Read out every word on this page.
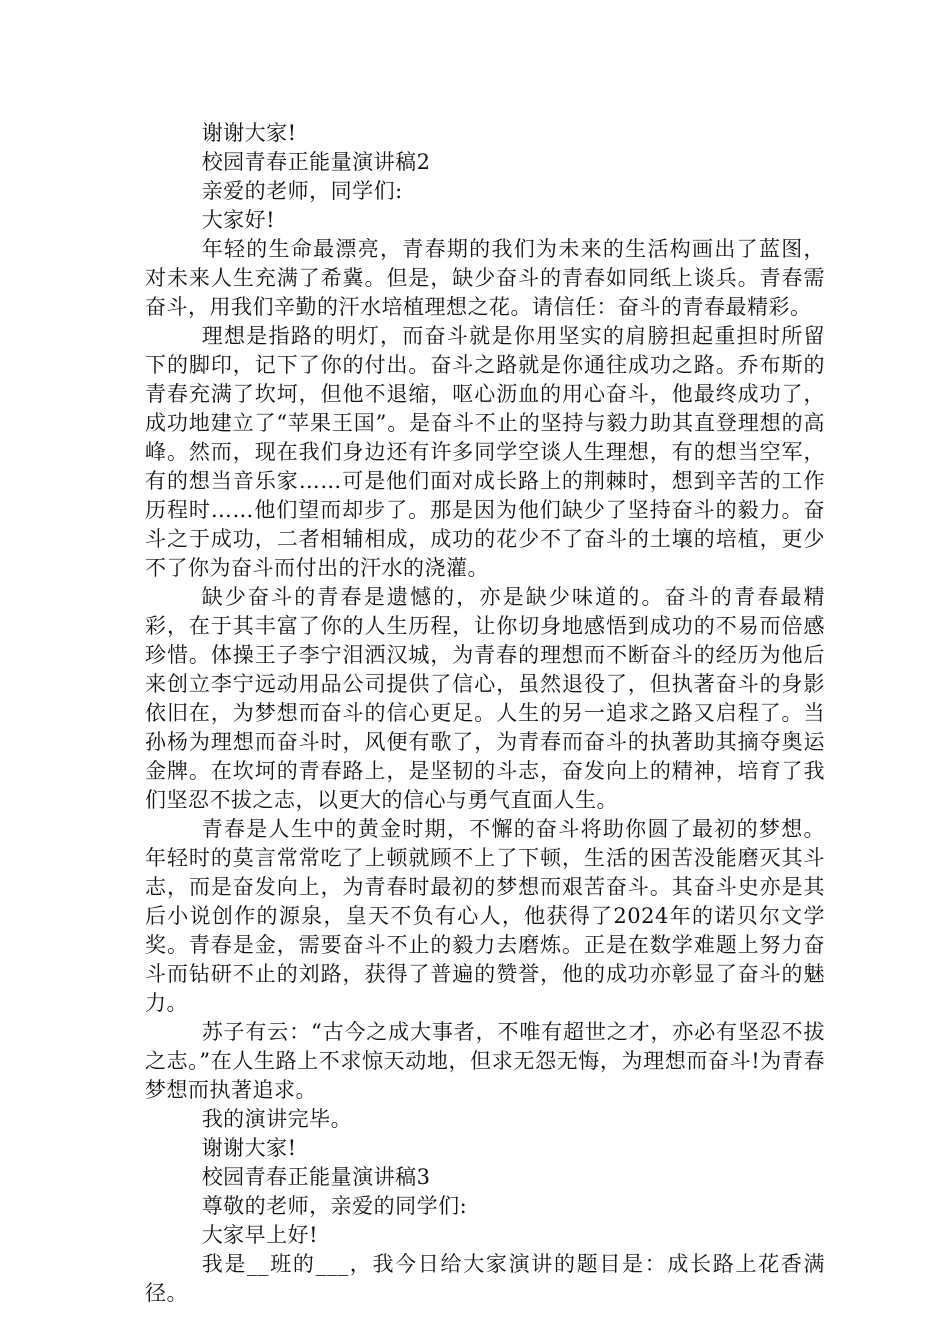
谢谢大家!

校园青春正能量演讲稿2

亲爱的老师，同学们:

大家好!

年轻的生命最漂亮，青春期的我们为未来的生活构画出了蓝图，对未来人生充满了希冀。但是，缺少奋斗的青春如同纸上谈兵。青春需奋斗，用我们辛勤的汗水培植理想之花。请信任：奋斗的青春最精彩。

理想是指路的明灯，而奋斗就是你用坚实的肩膀担起重担时所留下的脚印，记下了你的付出。奋斗之路就是你通往成功之路。乔布斯的青春充满了坎坷，但他不退缩，呕心沥血的用心奋斗，他最终成功了，成功地建立了“苹果王国”。是奋斗不止的坚持与毅力助其直登理想的高峰。然而，现在我们身边还有许多同学空谈人生理想，有的想当空军，有的想当音乐家……可是他们面对成长路上的荆棘时，想到辛苦的工作历程时……他们望而却步了。那是因为他们缺少了坚持奋斗的毅力。奋斗之于成功，二者相辅相成，成功的花少不了奋斗的土壤的培植，更少不了你为奋斗而付出的汗水的浇灌。

缺少奋斗的青春是遗憾的，亦是缺少味道的。奋斗的青春最精彩，在于其丰富了你的人生历程，让你切身地感悟到成功的不易而倍感珍惜。体操王子李宁泪洒汉城，为青春的理想而不断奋斗的经历为他后来创立李宁远动用品公司提供了信心，虽然退役了，但执著奋斗的身影依旧在，为梦想而奋斗的信心更足。人生的另一追求之路又启程了。当孙杨为理想而奋斗时，风便有歌了，为青春而奋斗的执著助其摘夺奥运金牌。在坎坷的青春路上，是坚韧的斗志，奋发向上的精神，培育了我们坚忍不拔之志，以更大的信心与勇气直面人生。

青春是人生中的黄金时期，不懈的奋斗将助你圆了最初的梦想。年轻时的莫言常常吃了上顿就顾不上了下顿，生活的困苦没能磨灭其斗志，而是奋发向上，为青春时最初的梦想而艰苦奋斗。其奋斗史亦是其后小说创作的源泉，皇天不负有心人，他获得了2024年的诺贝尔文学奖。青春是金，需要奋斗不止的毅力去磨炼。正是在数学难题上努力奋斗而钻研不止的刘路，获得了普遍的赞誉，他的成功亦彰显了奋斗的魅力。

苏子有云：“古今之成大事者，不唯有超世之才，亦必有坚忍不拔之志。”在人生路上不求惊天动地，但求无怨无悔，为理想而奋斗!为青春梦想而执著追求。

我的演讲完毕。

谢谢大家!

校园青春正能量演讲稿3

尊敬的老师，亲爱的同学们:

大家早上好!

我是__班的___，我今日给大家演讲的题目是：成长路上花香满径。
